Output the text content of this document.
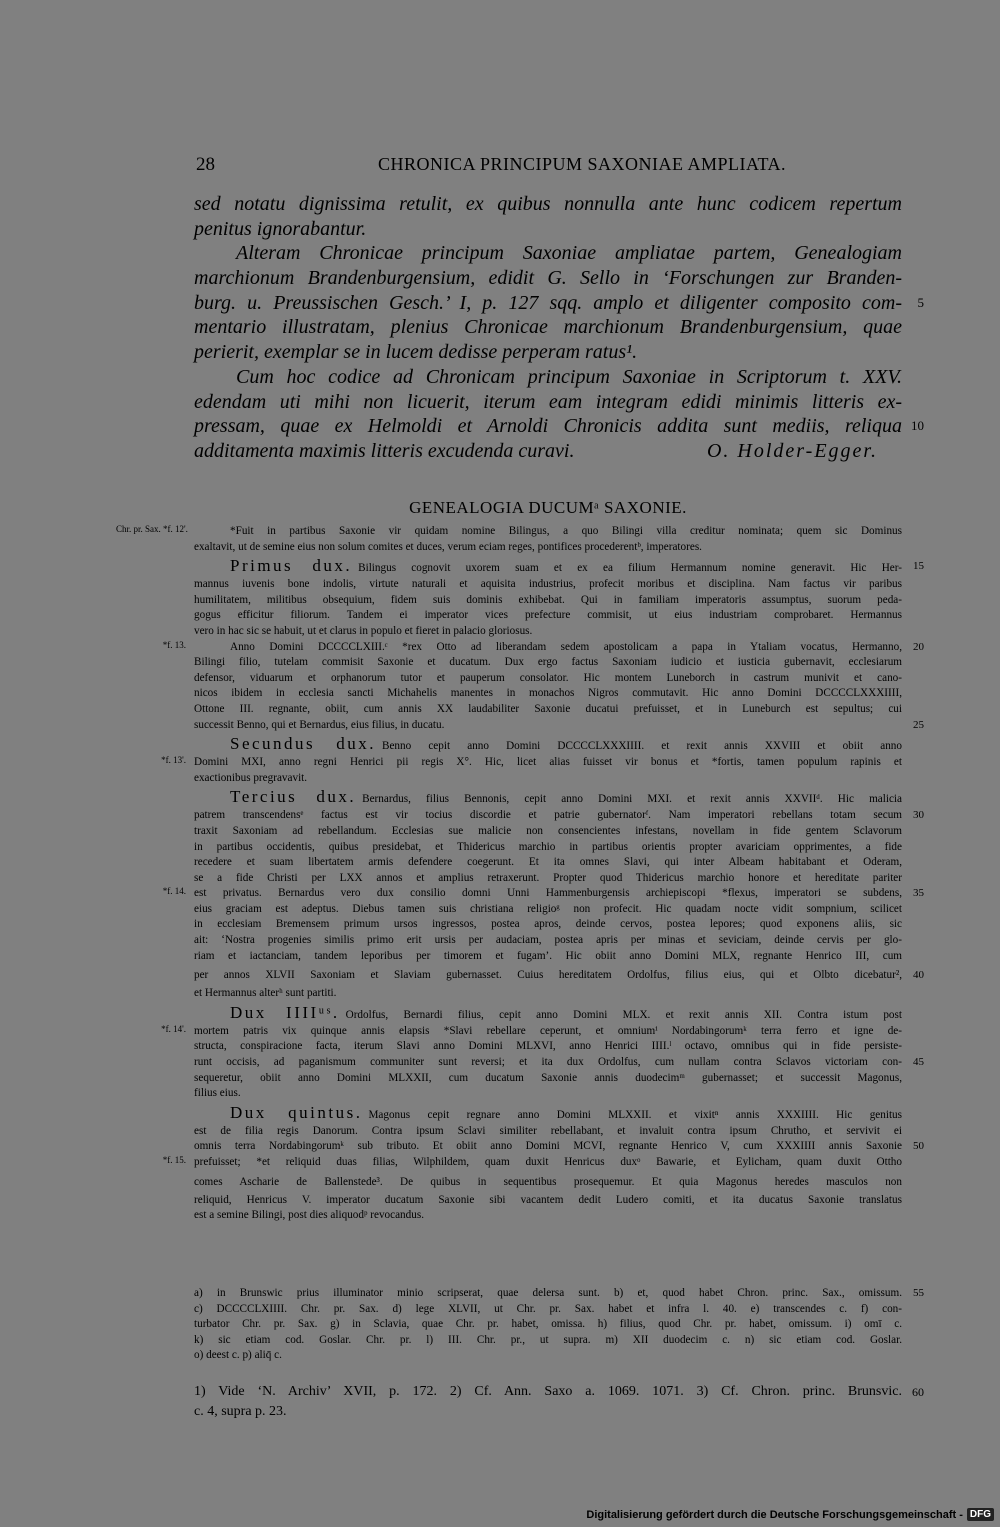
28	CHRONICA PRINCIPUM SAXONIAE AMPLIATA.
sed notatu dignissima retulit, ex quibus nonnulla ante hunc codicem repertum
penitus ignorabantur.
Alteram Chronicae principum Saxoniae ampliatae partem, Genealogiam
marchionum Brandenburgensium, edidit G. Sello in ‘Forschungen zur Branden-
burg. u. Preussischen Gesch.’ I, p. 127 sqq. amplo et diligenter composito com- 5
mentario illustratam, plenius Chronicae marchionum Brandenburgensium, quae
perierit, exemplar se in lucem dedisse perperam ratus¹.
Cum hoc codice ad Chronicam principum Saxoniae in Scriptorum t. XXV.
edendam uti mihi non licuerit, iterum eam integram edidi minimis litteris ex-
pressam, quae ex Helmoldi et Arnoldi Chronicis addita sunt mediis, reliqua 10
additamenta maximis litteris excudenda curavi.	O. Holder-Egger.
GENEALOGIA DUCUMᵃ SAXONIE.
*Fuit in partibus Saxonie vir quidam nomine Bilingus, a quo Bilingi villa creditur nominata; quem sic Dominus
Chr. pr. Sax. *f. 12'.
exaltavit, ut de semine eius non solum comites et duces, verum eciam reges, pontifices procederentᵇ, imperatores.
Primus dux. Bilingus cognovit uxorem suam et ex ea filium Hermannum nomine generavit. Hic Her- 15
mannus iuvenis bone indolis, virtute naturali et aquisita industrius, profecit moribus et disciplina. Nam factus vir paribus
humilitatem, militibus obsequium, fidem suis dominis exhibebat. Qui in familiam imperatoris assumptus, suorum peda-
gogus efficitur filiorum. Tandem ei imperator vices prefecture commisit, ut eius industriam comprobaret. Hermannus
vero in hac sic se habuit, ut et clarus in populo et fieret in palacio gloriosus.
Anno Domini DCCCCLXIII.ᶜ *rex Otto ad liberandam sedem apostolicam a papa in Ytaliam vocatus, Hermanno,
*f. 13.	20
Bilingi filio, tutelam commisit Saxonie et ducatum. Dux ergo factus Saxoniam iudicio et iusticia gubernavit, ecclesiarum
defensor, viduarum et orphanorum tutor et pauperum consolator. Hic montem Luneborch in castrum munivit et cano-
nicos ibidem in ecclesia sancti Michahelis manentes in monachos Nigros commutavit. Hic anno Domini DCCCCLXXXIIII,
Ottone III. regnante, obiit, cum annis XX laudabiliter Saxonie ducatui prefuisset, et in Luneburch est sepultus; cui
successit Benno, qui et Bernardus, eius filius, in ducatu.	25
Secundus dux. Benno cepit anno Domini DCCCCLXXXIIII. et rexit annis XXVIII et obiit anno
Domini MXI, anno regni Henrici pii regis X°. Hic, licet alias fuisset vir bonus et *fortis, tamen populum rapinis et
*f. 13'.
exactionibus pregravavit.
Tercius dux. Bernardus, filius Bennonis, cepit anno Domini MXI. et rexit annis XXVIIᵈ. Hic malicia
patrem transcendensᵉ factus est vir tocius discordie et patrie gubernatorᶠ. Nam imperatori rebellans totam secum 30
traxit Saxoniam ad rebellandum. Ecclesias sue malicie non consencientes infestans, novellam in fide gentem Sclavorum
in partibus occidentis, quibus presidebat, et Thidericus marchio in partibus orientis propter avariciam opprimentes, a fide
recedere et suam libertatem armis defendere coegerunt. Et ita omnes Slavi, qui inter Albeam habitabant et Oderam,
se a fide Christi per LXX annos et amplius retraxerunt. Propter quod Thidericus marchio honore et hereditate pariter
est privatus. Bernardus vero dux consilio domni Unni Hammenburgensis archiepiscopi *flexus, imperatori se subdens,
*f. 14.	35
eius graciam est adeptus. Diebus tamen suis christiana religioᵍ non profecit. Hic quadam nocte vidit sompnium, scilicet
in ecclesiam Bremensem primum ursos ingressos, postea apros, deinde cervos, postea lepores; quod exponens aliis, sic
ait: ‘Nostra progenies similis primo erit ursis per audaciam, postea apris per minas et seviciam, deinde cervis per glo-
riam et iactanciam, tandem leporibus per timorem et fugam’. Hic obiit anno Domini MLX, regnante Henrico III, cum
per annos XLVII Saxoniam et Slaviam gubernasset. Cuius hereditatem Ordolfus, filius eius, qui et Olbto dicebatur², 40
et Hermannus alterʰ sunt partiti.
Dux IIIIᵘˢ. Ordolfus, Bernardi filius, cepit anno Domini MLX. et rexit annis XII. Contra istum post
mortem patris vix quinque annis elapsis *Slavi rebellare ceperunt, et omniumⁱ Nordabingorumᵏ terra ferro et igne de-
*f. 14'.
structa, conspiracione facta, iterum Slavi anno Domini MLXVI, anno Henrici IIII.ˡ octavo, omnibus qui in fide persiste-
runt occisis, ad paganismum communiter sunt reversi; et ita dux Ordolfus, cum nullam contra Sclavos victoriam con- 45
sequeretur, obiit anno Domini MLXXII, cum ducatum Saxonie annis duodecimᵐ gubernasset; et successit Magonus,
filius eius.
Dux quintus. Magonus cepit regnare anno Domini MLXXII. et vixitⁿ annis XXXIIII. Hic genitus
est de filia regis Danorum. Contra ipsum Sclavi similiter rebellabant, et invaluit contra ipsum Chrutho, et servivit ei
omnis terra Nordabingorumᵏ sub tributo. Et obiit anno Domini MCVI, regnante Henrico V, cum XXXIIII annis Saxonie 50
prefuisset; *et reliquid duas filias, Wilphildem, quam duxit Henricus duxᵒ Bawarie, et Eylicham, quam duxit Ottho
*f. 15.
comes Ascharie de Ballenstede³. De quibus in sequentibus prosequemur. Et quia Magonus heredes masculos non
reliquid, Henricus V. imperator ducatum Saxonie sibi vacantem dedit Ludero comiti, et ita ducatus Saxonie translatus
est a semine Bilingi, post dies aliquodᵖ revocandus.
a) in Brunswic prius illuminator minio scripserat, quae delersa sunt. b) et, quod habet Chron. princ. Sax., omissum. 55
c) DCCCCLXIIII. Chr. pr. Sax. d) lege XLVII, ut Chr. pr. Sax. habet et infra l. 40. e) transcendes c. f) con-
turbator Chr. pr. Sax. g) in Sclavia, quae Chr. pr. habet, omissa. h) filius, quod Chr. pr. habet, omissum. i) omī c.
k) sic etiam cod. Goslar. Chr. pr. l) III. Chr. pr., ut supra. m) XII duodecim c. n) sic etiam cod. Goslar.
o) deest c. p) aliq̄ c.
1) Vide ‘N. Archiv’ XVII, p. 172. 2) Cf. Ann. Saxo a. 1069. 1071. 3) Cf. Chron. princ. Brunsvic. 60
c. 4, supra p. 23.
Digitalisierung gefördert durch die Deutsche Forschungsgemeinschaft - DFG
